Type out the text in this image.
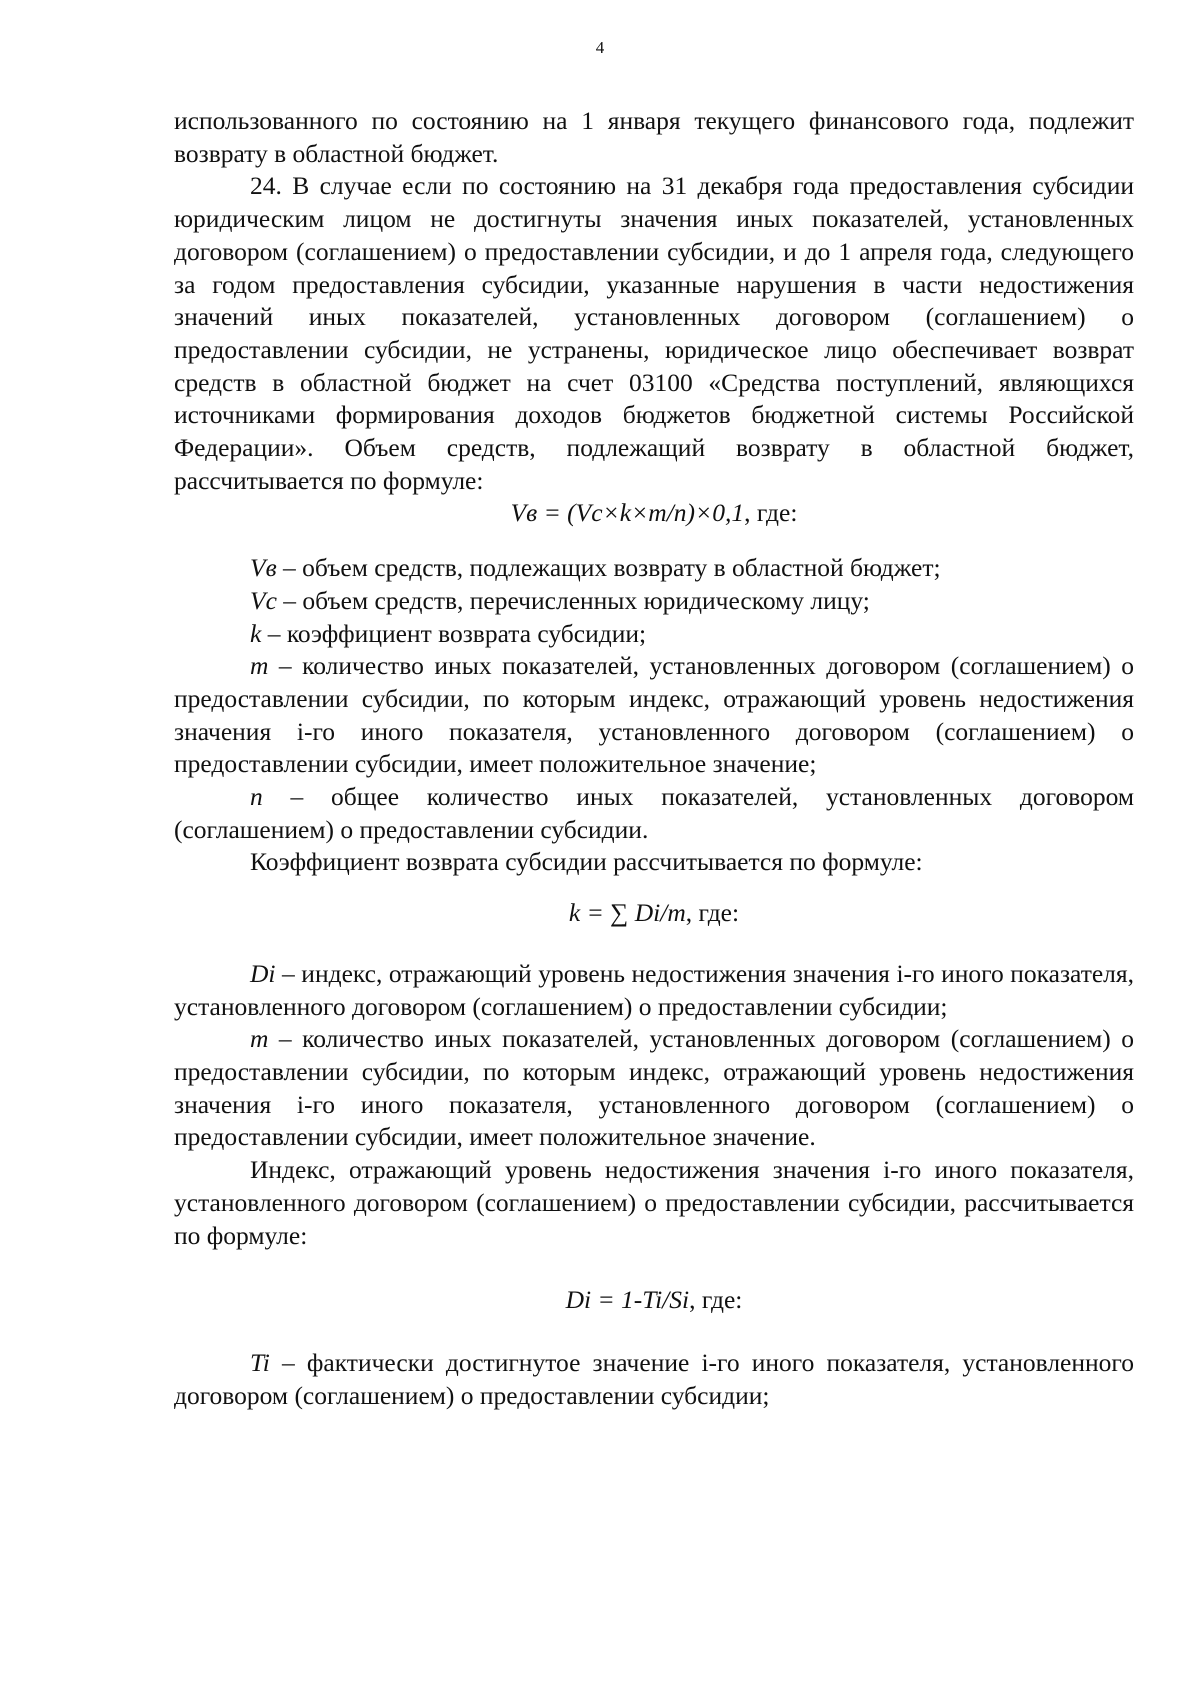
4

использованного по состоянию на 1 января текущего финансового года, подлежит возврату в областной бюджет.

24. В случае если по состоянию на 31 декабря года предоставления субсидии юридическим лицом не достигнуты значения иных показателей, установленных договором (соглашением) о предоставлении субсидии, и до 1 апреля года, следующего за годом предоставления субсидии, указанные нарушения в части недостижения значений иных показателей, установленных договором (соглашением) о предоставлении субсидии, не устранены, юридическое лицо обеспечивает возврат средств в областной бюджет на счет 03100 «Средства поступлений, являющихся источниками формирования доходов бюджетов бюджетной системы Российской Федерации». Объем средств, подлежащий возврату в областной бюджет, рассчитывается по формуле:

Vв = (Vc×k×m/n)×0,1, где:

Vв – объем средств, подлежащих возврату в областной бюджет;

Vc – объем средств, перечисленных юридическому лицу;

k – коэффициент возврата субсидии;

m – количество иных показателей, установленных договором (соглашением) о предоставлении субсидии, по которым индекс, отражающий уровень недостижения значения i-го иного показателя, установленного договором (соглашением) о предоставлении субсидии, имеет положительное значение;

n – общее количество иных показателей, установленных договором (соглашением) о предоставлении субсидии.

Коэффициент возврата субсидии рассчитывается по формуле:

k = ∑ Di/m, где:

Di – индекс, отражающий уровень недостижения значения i-го иного показателя, установленного договором (соглашением) о предоставлении субсидии;

m – количество иных показателей, установленных договором (соглашением) о предоставлении субсидии, по которым индекс, отражающий уровень недостижения значения i-го иного показателя, установленного договором (соглашением) о предоставлении субсидии, имеет положительное значение.

Индекс, отражающий уровень недостижения значения i-го иного показателя, установленного договором (соглашением) о предоставлении субсидии, рассчитывается по формуле:

Di = 1-Ti/Si, где:

Ti – фактически достигнутое значение i-го иного показателя, установленного договором (соглашением) о предоставлении субсидии;
